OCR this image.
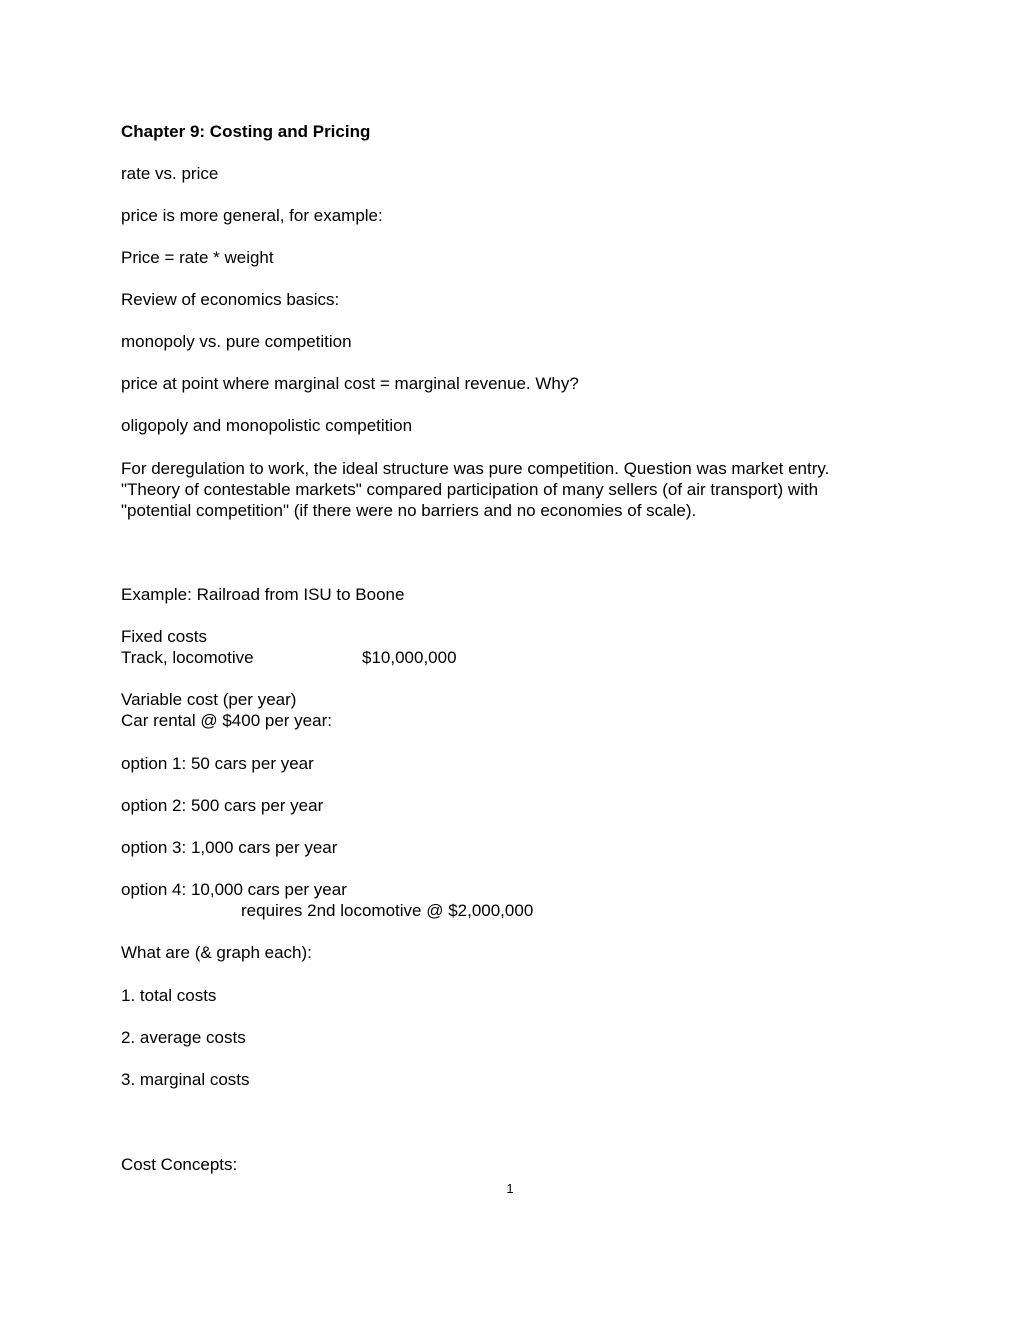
Chapter 9: Costing and Pricing
rate vs. price
price is more general, for example:
Price = rate * weight
Review of economics basics:
monopoly vs. pure competition
price at point where marginal cost = marginal revenue. Why?
oligopoly and monopolistic competition
For deregulation to work, the ideal structure was pure competition. Question was market entry.
"Theory of contestable markets" compared participation of many sellers (of air transport) with
"potential competition" (if there were no barriers and no economies of scale).
Example: Railroad from ISU to Boone
Fixed costs
Track, locomotive	$10,000,000
Variable cost (per year)
Car rental @ $400 per year:
option 1: 50 cars per year
option 2: 500 cars per year
option 3: 1,000 cars per year
option 4: 10,000 cars per year
requires 2nd locomotive @ $2,000,000
What are (& graph each):
1. total costs
2. average costs
3. marginal costs
Cost Concepts:
1
